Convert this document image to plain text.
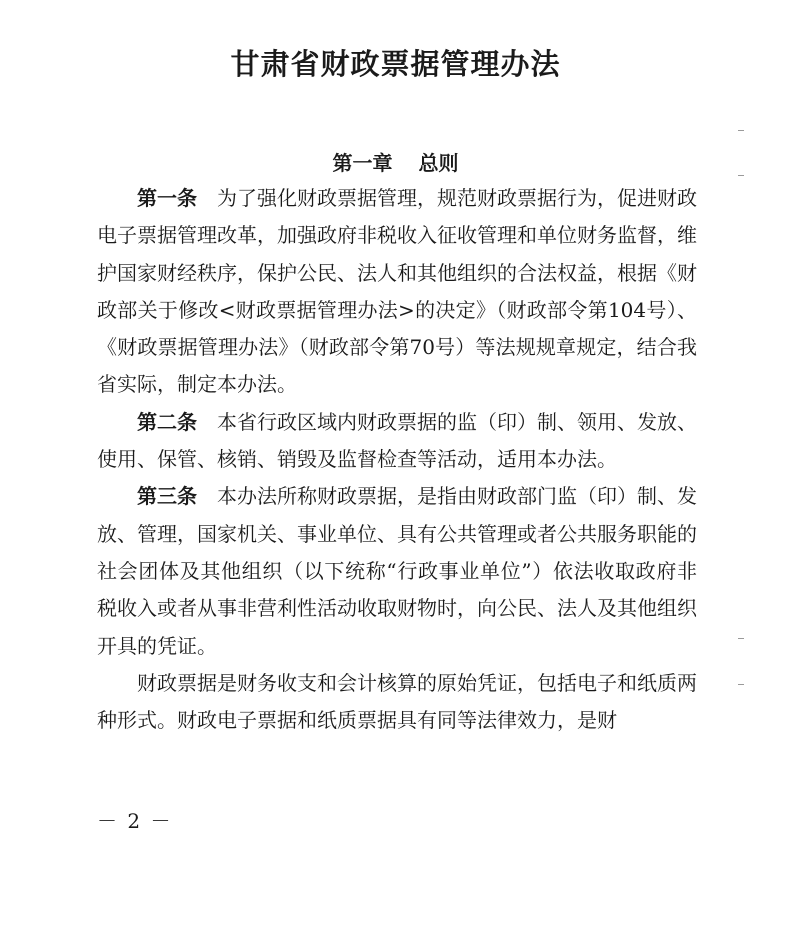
甘肃省财政票据管理办法
第一章 总则

第一条  为了强化财政票据管理，规范财政票据行为，促进财政电子票据管理改革，加强政府非税收入征收管理和单位财务监督，维护国家财经秩序，保护公民、法人和其他组织的合法权益，根据《财政部关于修改<财政票据管理办法>的决定》（财政部令第104号）、《财政票据管理办法》（财政部令第70号）等法规规章规定，结合我省实际，制定本办法。

第二条  本省行政区域内财政票据的监（印）制、领用、发放、使用、保管、核销、销毁及监督检查等活动，适用本办法。

第三条  本办法所称财政票据，是指由财政部门监（印）制、发放、管理，国家机关、事业单位、具有公共管理或者公共服务职能的社会团体及其他组织（以下统称“行政事业单位”）依法收取政府非税收入或者从事非营利性活动收取财物时，向公民、法人及其他组织开具的凭证。

财政票据是财务收支和会计核算的原始凭证，包括电子和纸质两种形式。财政电子票据和纸质票据具有同等法律效力，是财

－ 2 －
